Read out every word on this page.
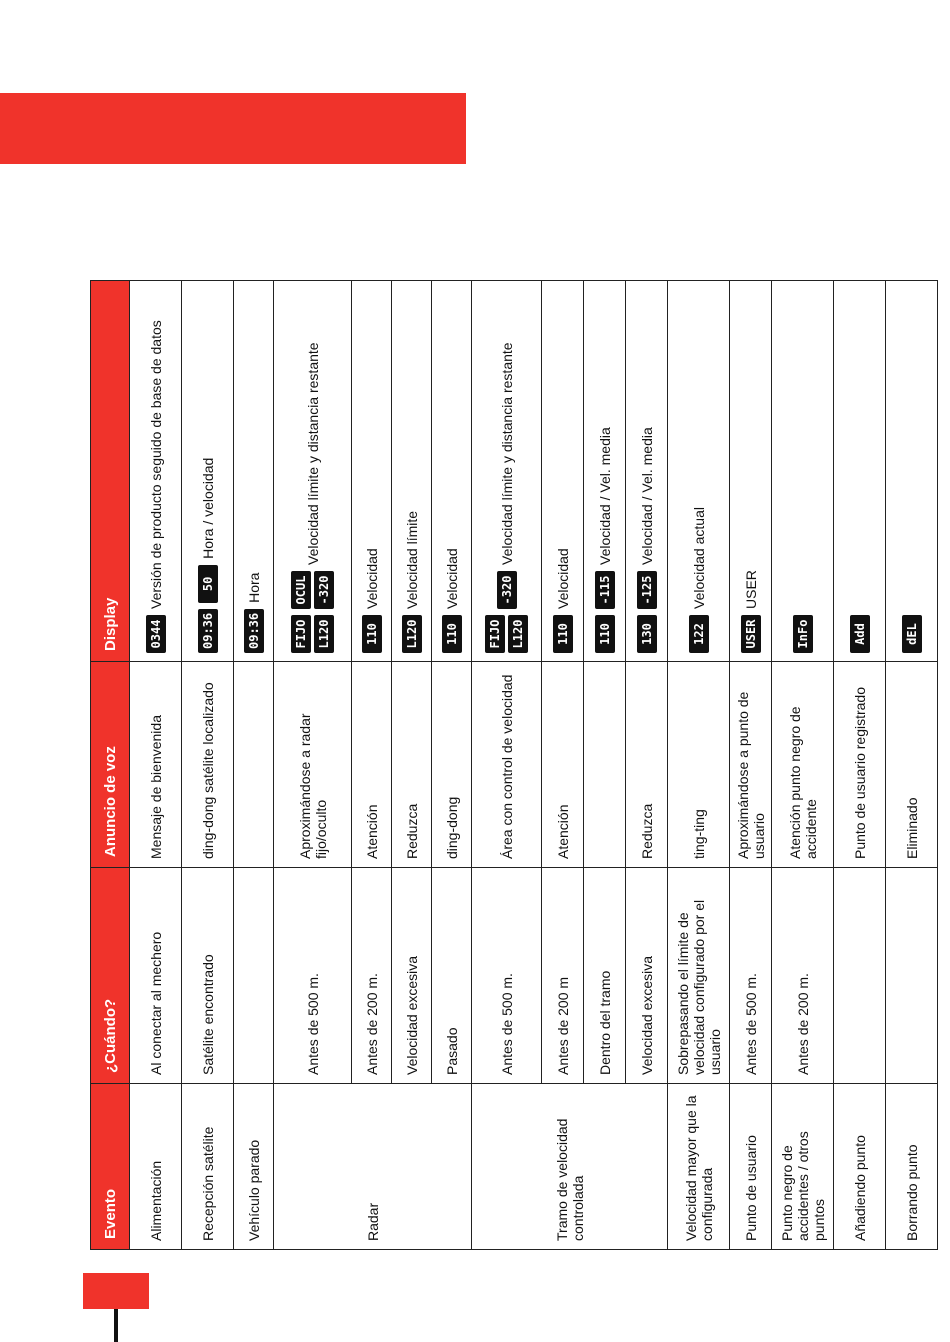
Evento	¿Cuándo?	Anuncio de voz	Display
Alimentación	Al conectar al mechero	Mensaje de bienvenida	0344
Versión de producto seguido de base de datos

Recepción satélite	Satélite encontrado	ding-dong satélite localizado	09:36
50
Hora / velocidad

Vehículo parado			09:36
Hora

Radar	Antes de 500 m.	Aproximándose a radar fijo/oculto	FIJO L120
OCUL -320
Velocidad límite y distancia restante

	Antes de 200 m.	Atención	110
Velocidad

	Velocidad excesiva	Reduzca	L120
Velocidad límite

	Pasado	ding-dong	110
Velocidad

Tramo de velocidad controlada	Antes de 500 m.	Área con control de velocidad	FIJO L120
-320
Velocidad límite y distancia restante

	Antes de 200 m	Atención	110
Velocidad

	Dentro del tramo		110
-115
Velocidad / Vel. media

	Velocidad excesiva	Reduzca	130
-125
Velocidad / Vel. media

Velocidad mayor que la configurada	Sobrepasando el límite de velocidad configurado por el usuario	ting-ting	122
Velocidad actual

Punto de usuario	Antes de 500 m.	Aproximándose a punto de usuario	USER
USER

Punto negro de accidentes / otros puntos	Antes de 200 m.	Atención punto negro de accidente	InFo

Añadiendo punto		Punto de usuario registrado	Add

Borrando punto		Eliminado	dEL
